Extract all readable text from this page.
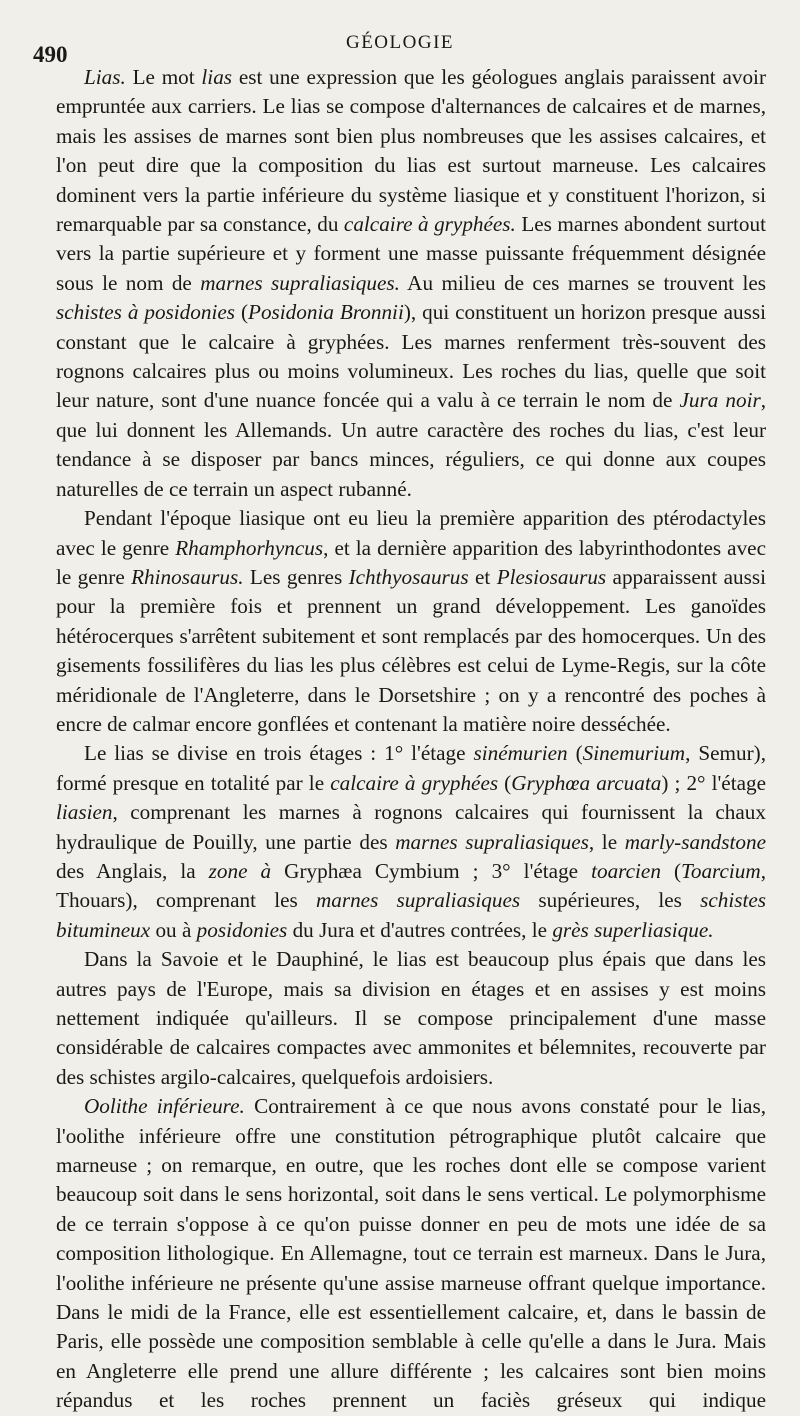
490	GÉOLOGIE

Lias. Le mot lias est une expression que les géologues anglais paraissent avoir empruntée aux carriers. Le lias se compose d'alternances de calcaires et de marnes, mais les assises de marnes sont bien plus nombreuses que les assises calcaires, et l'on peut dire que la composition du lias est surtout marneuse. Les calcaires dominent vers la partie inférieure du système liasique et y constituent l'horizon, si remarquable par sa constance, du calcaire à gryphées. Les marnes abondent surtout vers la partie supérieure et y forment une masse puissante fréquemment désignée sous le nom de marnes supraliasiques. Au milieu de ces marnes se trouvent les schistes à posidonies (Posidonia Bronnii), qui constituent un horizon presque aussi constant que le calcaire à gryphées. Les marnes renferment très-souvent des rognons calcaires plus ou moins volumineux. Les roches du lias, quelle que soit leur nature, sont d'une nuance foncée qui a valu à ce terrain le nom de Jura noir, que lui donnent les Allemands. Un autre caractère des roches du lias, c'est leur tendance à se disposer par bancs minces, réguliers, ce qui donne aux coupes naturelles de ce terrain un aspect rubanné.

Pendant l'époque liasique ont eu lieu la première apparition des ptérodactyles avec le genre Rhamphorhyncus, et la dernière apparition des labyrinthodontes avec le genre Rhinosaurus. Les genres Ichthyosaurus et Plesiosaurus apparaissent aussi pour la première fois et prennent un grand développement. Les ganoïdes hétérocerques s'arrêtent subitement et sont remplacés par des homocerques. Un des gisements fossilifères du lias les plus célèbres est celui de Lyme-Regis, sur la côte méridionale de l'Angleterre, dans le Dorsetshire ; on y a rencontré des poches à encre de calmar encore gonflées et contenant la matière noire desséchée.

Le lias se divise en trois étages : 1° l'étage sinémurien (Sinemurium, Semur), formé presque en totalité par le calcaire à gryphées (Gryphœa arcuata) ; 2° l'étage liasien, comprenant les marnes à rognons calcaires qui fournissent la chaux hydraulique de Pouilly, une partie des marnes supraliasiques, le marly-sandstone des Anglais, la zone à Gryphæa Cymbium ; 3° l'étage toarcien (Toarcium, Thouars), comprenant les marnes supraliasiques supérieures, les schistes bitumineux ou à posidonies du Jura et d'autres contrées, le grès superliasique.

Dans la Savoie et le Dauphiné, le lias est beaucoup plus épais que dans les autres pays de l'Europe, mais sa division en étages et en assises y est moins nettement indiquée qu'ailleurs. Il se compose principalement d'une masse considérable de calcaires compactes avec ammonites et bélemnites, recouverte par des schistes argilo-calcaires, quelquefois ardoisiers.

Oolithe inférieure. Contrairement à ce que nous avons constaté pour le lias, l'oolithe inférieure offre une constitution pétrographique plutôt calcaire que marneuse ; on remarque, en outre, que les roches dont elle se compose varient beaucoup soit dans le sens horizontal, soit dans le sens vertical. Le polymorphisme de ce terrain s'oppose à ce qu'on puisse donner en peu de mots une idée de sa composition lithologique. En Allemagne, tout ce terrain est marneux. Dans le Jura, l'oolithe inférieure ne présente qu'une assise marneuse offrant quelque importance. Dans le midi de la France, elle est essentiellement calcaire, et, dans le bassin de Paris, elle possède une composition semblable à celle qu'elle a dans le Jura. Mais en Angleterre elle prend une allure différente ; les calcaires sont bien moins répandus et les roches prennent un faciès gréseux qui indique
